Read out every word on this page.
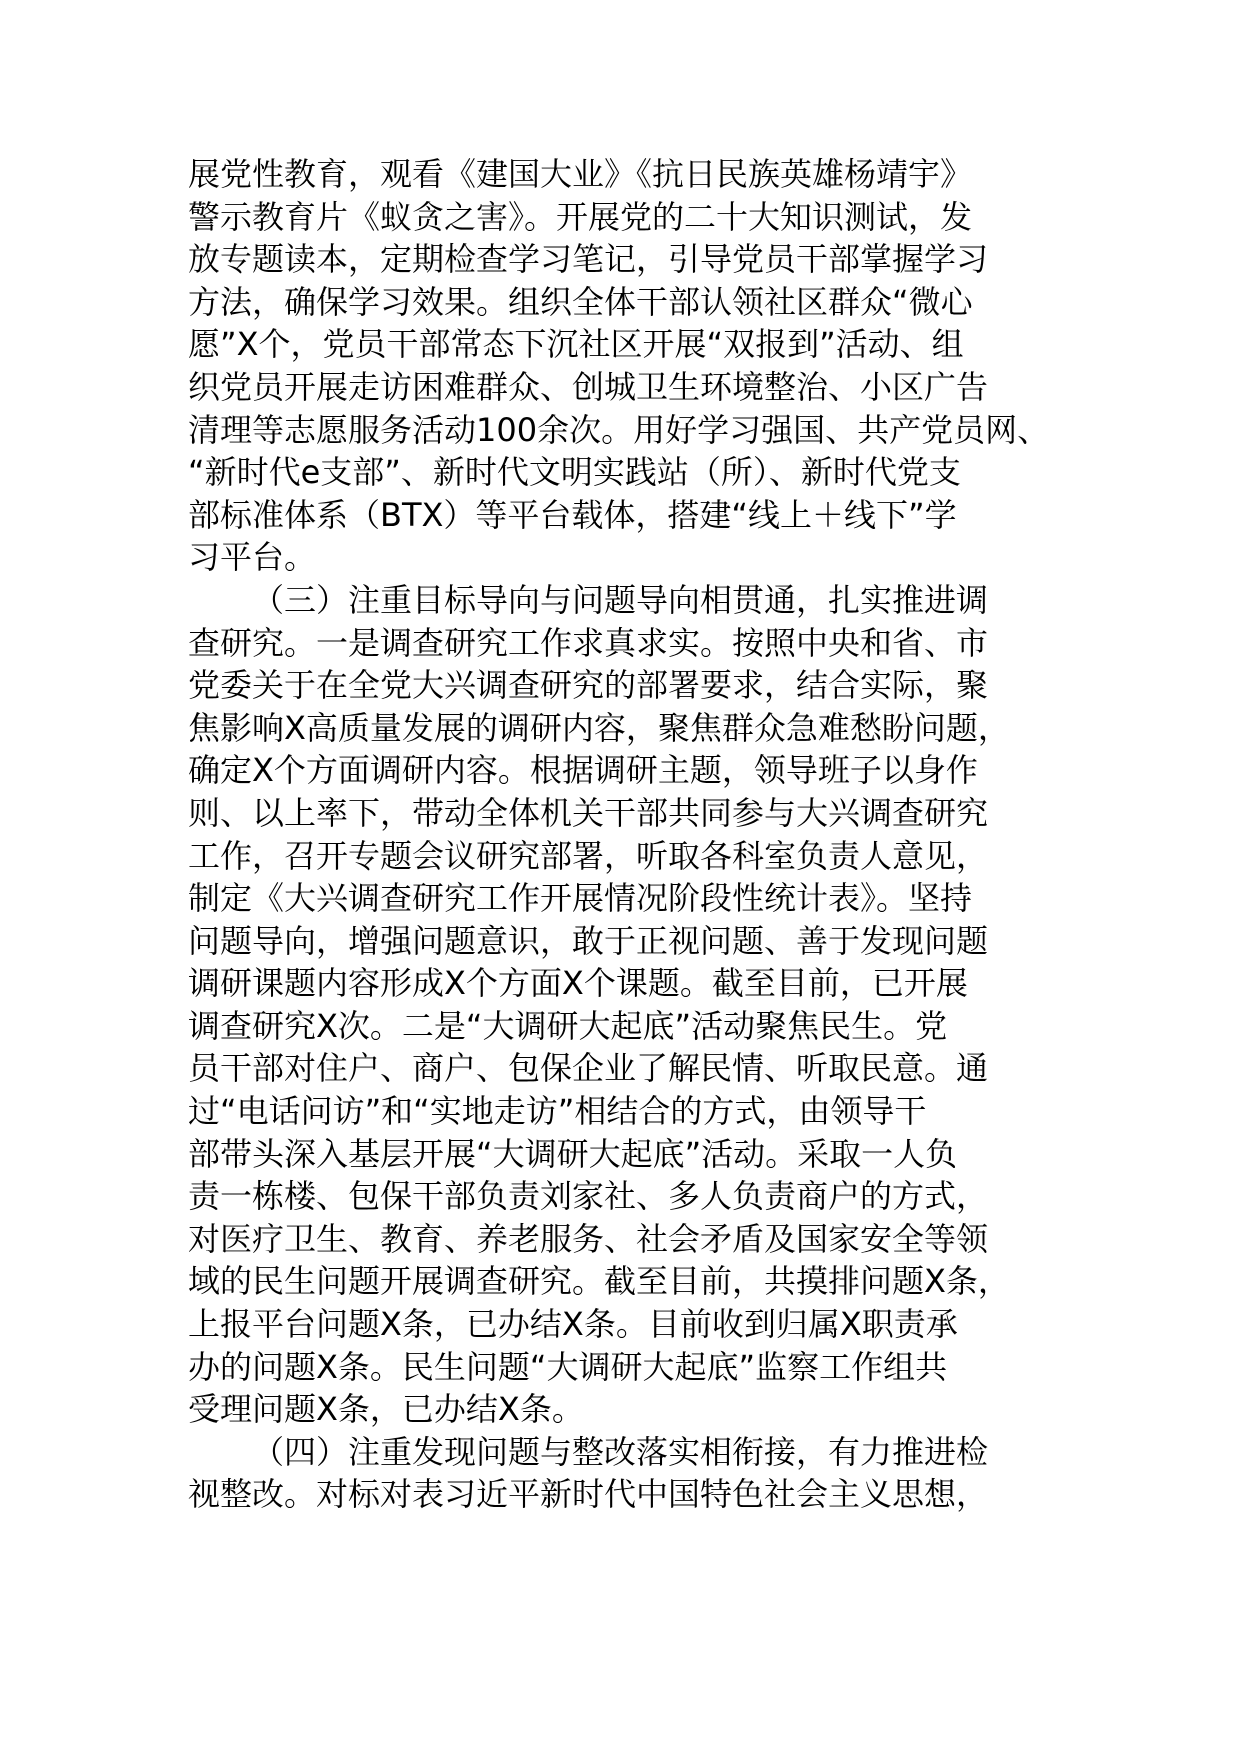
展党性教育，观看《建国大业》《抗日民族英雄杨靖宇》
警示教育片《蚁贪之害》。开展党的二十大知识测试，发
放专题读本，定期检查学习笔记，引导党员干部掌握学习
方法，确保学习效果。组织全体干部认领社区群众“微心
愿”X个，党员干部常态下沉社区开展“双报到”活动、组
织党员开展走访困难群众、创城卫生环境整治、小区广告
清理等志愿服务活动100余次。用好学习强国、共产党员网、
“新时代e支部”、新时代文明实践站（所）、新时代党支
部标准体系（BTX）等平台载体，搭建“线上＋线下”学
习平台。
（三）注重目标导向与问题导向相贯通，扎实推进调
查研究。一是调查研究工作求真求实。按照中央和省、市
党委关于在全党大兴调查研究的部署要求，结合实际，聚
焦影响X高质量发展的调研内容，聚焦群众急难愁盼问题，
确定X个方面调研内容。根据调研主题，领导班子以身作
则、以上率下，带动全体机关干部共同参与大兴调查研究
工作，召开专题会议研究部署，听取各科室负责人意见，
制定《大兴调查研究工作开展情况阶段性统计表》。坚持
问题导向，增强问题意识，敢于正视问题、善于发现问题
调研课题内容形成X个方面X个课题。截至目前，已开展
调查研究X次。二是“大调研大起底”活动聚焦民生。党
员干部对住户、商户、包保企业了解民情、听取民意。通
过“电话问访”和“实地走访”相结合的方式，由领导干
部带头深入基层开展“大调研大起底”活动。采取一人负
责一栋楼、包保干部负责刘家社、多人负责商户的方式，
对医疗卫生、教育、养老服务、社会矛盾及国家安全等领
域的民生问题开展调查研究。截至目前，共摸排问题X条，
上报平台问题X条，已办结X条。目前收到归属X职责承
办的问题X条。民生问题“大调研大起底”监察工作组共
受理问题X条，已办结X条。
（四）注重发现问题与整改落实相衔接，有力推进检
视整改。对标对表习近平新时代中国特色社会主义思想，
